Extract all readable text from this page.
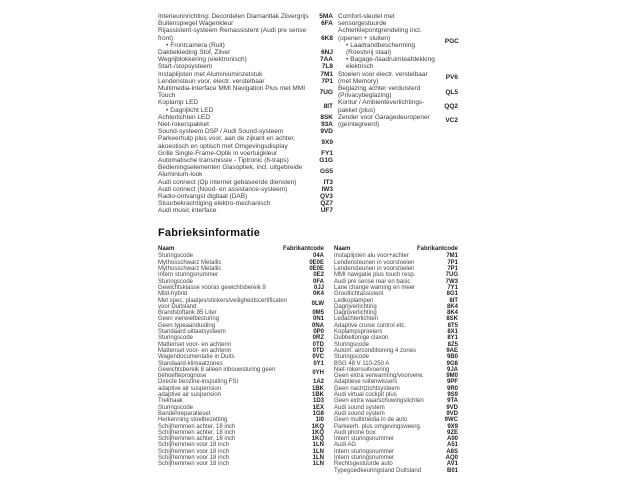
Interieurinrichting: Decordelen Diamantlak Zilvergrijs	5MA
Buitenspiegel Wagenkleur	6FA
Rijassistent-systeem Remassistent (Audi pre sense front)
• Frontcamera (Ruit)
6K8
Dakbekleding Stof, Zilver	6NJ
Wegrijblokkering (elektronisch)	7AA
Start-/stopsysteem	7L8
Instaplijsten met Aluminiuminzetstuk	7M1
Lendensteun voor, electr. verstelbaar	7P1
Multimedia-interface MMI Navigation Plus met MMI Touch
7UG
Koplamp LED
• Dagrijlicht LED
8IT
Achterlichten LED	8SK
Niet-rokerspakket	93A
Sound-systeem DSP / Audi Sound-systeem	9VD
Parkeerhulp plus voor, aan de zijkant en achter, akoestisch en optisch met Omgevingsdisplay
9X9
Grille Single-Frame-Optik in voertuigkleur	FY1
Automatische transmissie - Tiptronic (8-traps)	G1G
Bedieningselementen Glasoptiek, incl. uitgebreide Aluminium-look
GS5
Audi connect (Op internet gebaseerde diensten)	IT3
Audi connect (Nood- en assistance-systeem)	IW3
Radio-ontvangst digitaal (DAB)	QV3
Stuurbekrachtiging elektro-mechanisch	QZ7
Audi music interface	UF7
Comfort-sleutel met sensorgestuurde Achterklepontgrendeling incl. (openen + sluiten)
• Laadrandbescherming (Roestvrij staal)
• Bagage-/laadruimteafdekking elektrisch
PGC
Stoelen voor electr. verstelbaar (met Memory)
PV6
Beglazing achter verduisterd (Privacybeglazing)
QL5
Kontur / Ambienteverlichtings-pakket (plus)
QQ2
Zender voor Garagedeuropener (geïntegreerd)
VC2
Fabrieksinformatie
Naam	Fabrikantcode
Sturingscode	04A
Mythosschwarz Metallic	0E0E
Mythosschwarz Metallic	0E0E
Intern sturingsnummer	0E2
Sturingscode	0FA
Gewichtsklasse vooras gewichtsbereik 9	0JJ
Mild-hybrid	0K4
Met spec. plaatjes/stickers/veiligheidscertificaten voor Duitsland
0LW
Brandstoftank 85 Liter	0M5
Geen vierwielbesturing	0N1
Geen typeaanduiding	0NA
Standaard uitlaatsysteem	0P0
Sturingscode	0RZ
Mattenset voor- en achterin	0TD
Mattenset voor- en achterin	0TD
Wagendocumentatie in Duits	0VC
Standaard-klimaatzones	0Y1
Gewichtsbereik 8 alleen inbouwsturing geen behoefteprognose
0YH
Directe benzine-inspuiting FSI	1A2
adaptive air suspension	1BK
adaptive air suspension	1BK
Trekhaak	1D3
Sturingscode	1EX
Bandenreparatieset	1G8
Herkenning stoelbezetting	1I0
Schijfremmen achter, 18 inch	1KQ
Schijfremmen achter, 18 inch	1KQ
Schijfremmen achter, 18 inch	1KQ
Schijfremmen voor 18 inch	1LN
Schijfremmen voor 18 inch	1LN
Schijfremmen voor 18 inch	1LN
Schijfremmen voor 18 inch	1LN
Naam	Fabrikantcode
Instaplijsten alu voor+achter	7M1
Lendensteunen in voorstoelen	7P1
Lendensteunen in voorstoelen	7P1
MMI navigatie plus touch resp.	7UG
Audi pre sense rear en basic	7W3
Lane change warning en meer	7Y1
Grootlichtassistent	8G1
Ledkoplampen	8IT
Dagrijverlichting	8K4
Dagrijverlichting	8K4
Ledachterlichten	8SK
Adaptive cruise control etc.	8T5
Koplampsproeiers	8X1
Dubbeltonige claxon	8Y1
Sturingscode	8Z5
Autom. airconditioning 4 zones	9AE
Sturingscode	9B0
BSG 48 V 110-250 A	9G8
Niet-rokersuitvoering	9JA
Geen extra verwarming/voorverw.	9M0
Adaptieve ruitenwissers	9PF
Geen nachtzichtsysteem	9R0
Audi virtual cockpit plus	9S9
Geen extra waarschuwingslichten	9TA
Audi sound system	9VD
Audi sound system	9VD
Geen multimedia in de auto	9WC
Parkeerh. plus omgevingsweerg.	9X9
Audi phone box	9ZE
Intern sturingsnummer	A00
Audi AG	A51
Intern sturingsnummer	A8S
Intern sturingsnummer	AQ0
Rechtsgestuurde auto	AV1
Typegoedkeuringsland Duitsland	B01
